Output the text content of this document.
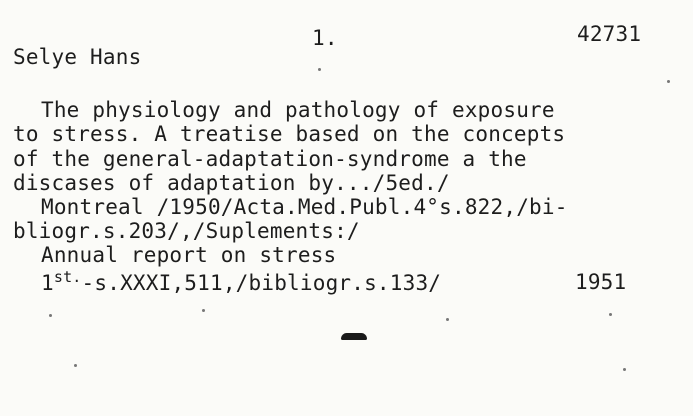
1.	42731
Selye Hans
The physiology and pathology of exposure
to stress. A treatise based on the concepts
of the general-adaptation-syndrome a the
discases of adaptation by.../5ed./
Montreal /1950/Acta.Med.Publ.4°s.822,/bi-
bliogr.s.203/,/Suplements:/
Annual report on stress
$1^{st.}-s.XXXI,511,/bibliogr.s.133/$	1951
